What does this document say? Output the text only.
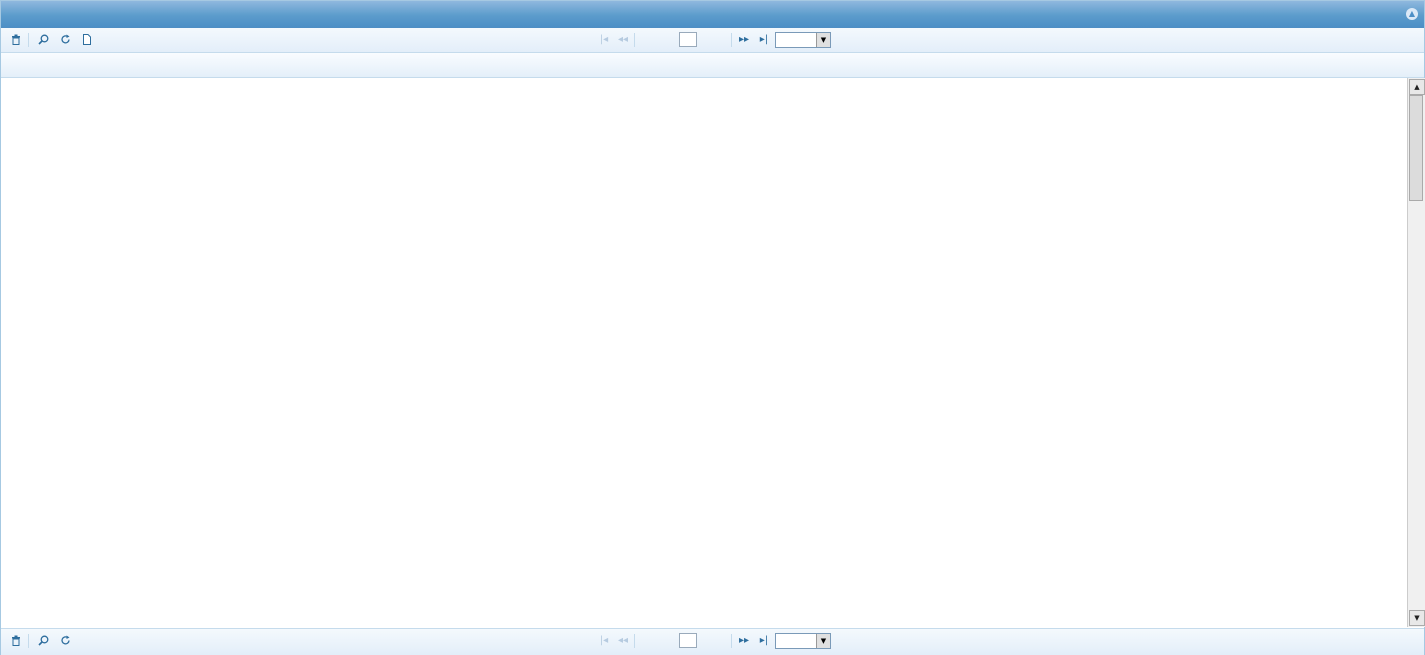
▲
|◂ ◂◂	▸▸ ▸|	▼
▲
▼
|◂ ◂◂	▸▸ ▸|	▼
